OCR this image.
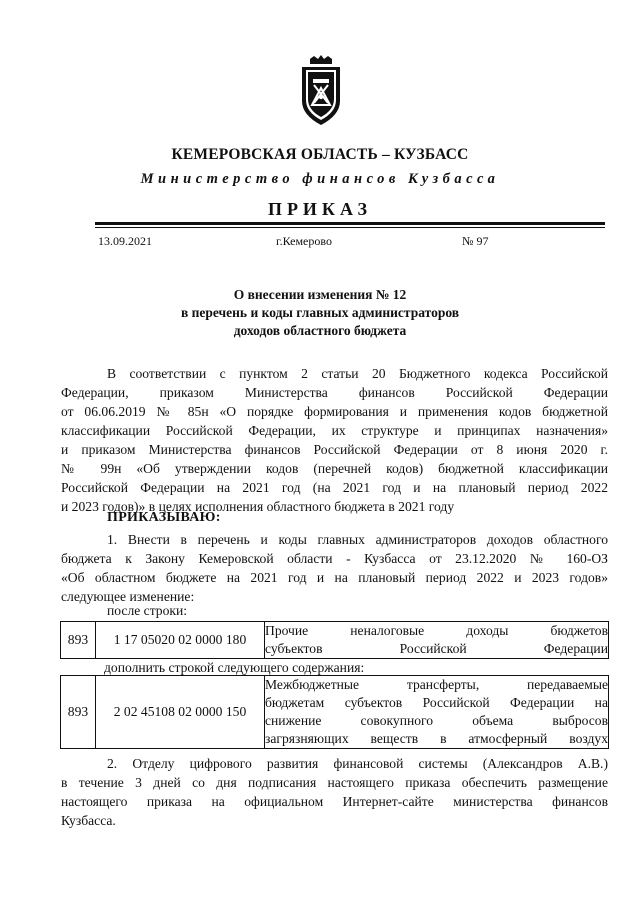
КЕМЕРОВСКАЯ ОБЛАСТЬ – КУЗБАСС
Министерство финансов Кузбасса
ПРИКАЗ
13.09.2021	г.Кемерово	№ 97
О внесении изменения № 12
в перечень и коды главных администраторов
доходов областного бюджета
В соответствии с пунктом 2 статьи 20 Бюджетного кодекса Российской
Федерации, приказом Министерства финансов Российской Федерации
от 06.06.2019 № 85н «О порядке формирования и применения кодов бюджетной
классификации Российской Федерации, их структуре и принципах назначения»
и приказом Министерства финансов Российской Федерации от 8 июня 2020 г.
№ 99н «Об утверждении кодов (перечней кодов) бюджетной классификации
Российской Федерации на 2021 год (на 2021 год и на плановый период 2022
и 2023 годов)» в целях исполнения областного бюджета в 2021 году
ПРИКАЗЫВАЮ:
1. Внести в перечень и коды главных администраторов доходов областного
бюджета к Закону Кемеровской области - Кузбасса от 23.12.2020 № 160-ОЗ
«Об областном бюджете на 2021 год и на плановый период 2022 и 2023 годов»
следующее изменение:
после строки:
893	1 17 05020 02 0000 180	
Прочие неналоговые доходы бюджетов
субъектов Российской Федерации
дополнить строкой следующего содержания:
893	2 02 45108 02 0000 150	
Межбюджетные трансферты, передаваемые
бюджетам субъектов Российской Федерации на
снижение совокупного объема выбросов
загрязняющих веществ в атмосферный воздух
2. Отделу цифрового развития финансовой системы (Александров А.В.)
в течение 3 дней со дня подписания настоящего приказа обеспечить размещение
настоящего приказа на официальном Интернет-сайте министерства финансов
Кузбасса.
